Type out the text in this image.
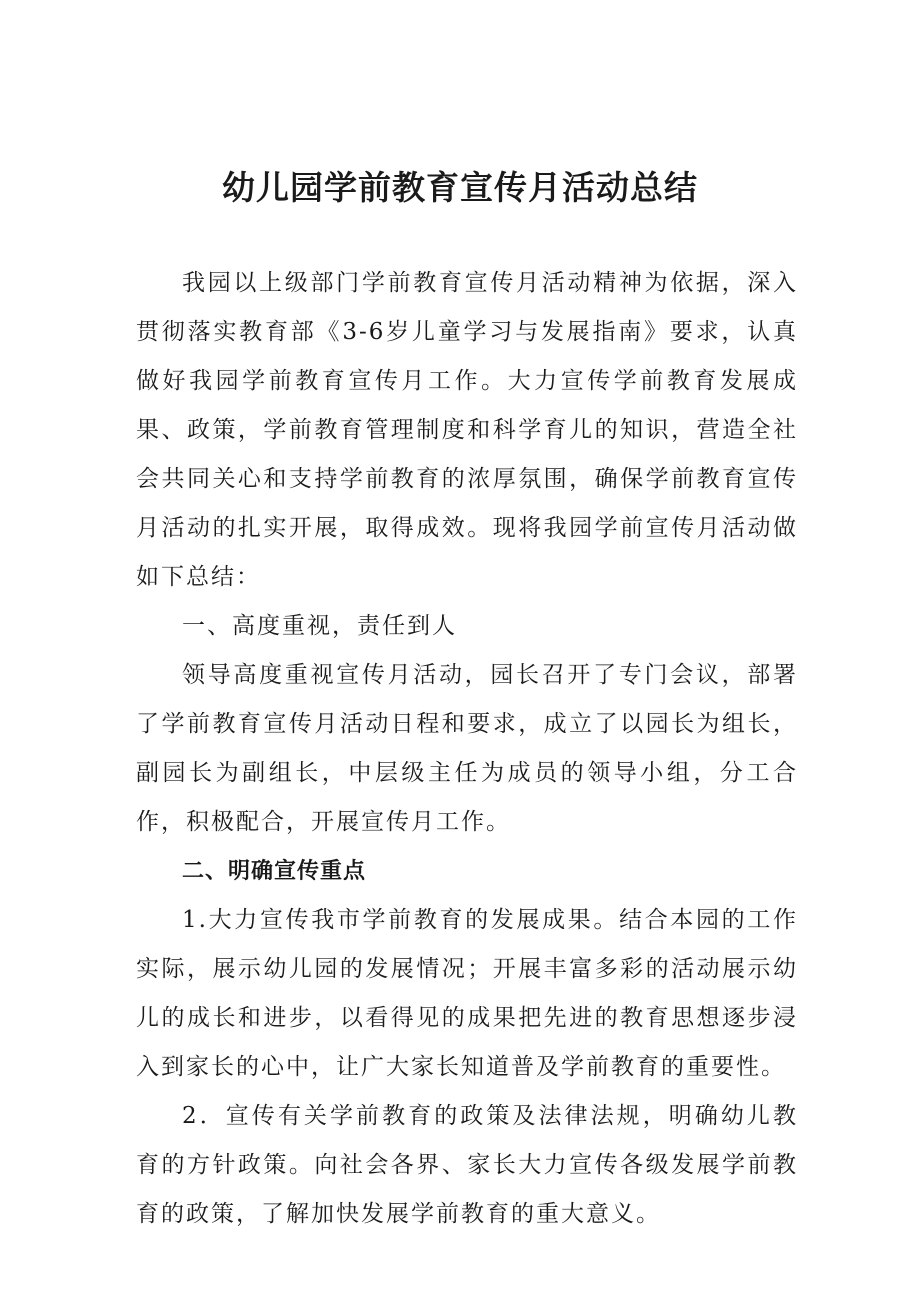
幼儿园学前教育宣传月活动总结

我园以上级部门学前教育宣传月活动精神为依据，深入贯彻落实教育部《3-6岁儿童学习与发展指南》要求，认真做好我园学前教育宣传月工作。大力宣传学前教育发展成果、政策，学前教育管理制度和科学育儿的知识，营造全社会共同关心和支持学前教育的浓厚氛围，确保学前教育宣传月活动的扎实开展，取得成效。现将我园学前宣传月活动做如下总结：

一、高度重视，责任到人

领导高度重视宣传月活动，园长召开了专门会议，部署了学前教育宣传月活动日程和要求，成立了以园长为组长，副园长为副组长，中层级主任为成员的领导小组，分工合作，积极配合，开展宣传月工作。

二、明确宣传重点

1.大力宣传我市学前教育的发展成果。结合本园的工作实际，展示幼儿园的发展情况；开展丰富多彩的活动展示幼儿的成长和进步，以看得见的成果把先进的教育思想逐步浸入到家长的心中，让广大家长知道普及学前教育的重要性。

2．宣传有关学前教育的政策及法律法规，明确幼儿教育的方针政策。向社会各界、家长大力宣传各级发展学前教育的政策，了解加快发展学前教育的重大意义。
